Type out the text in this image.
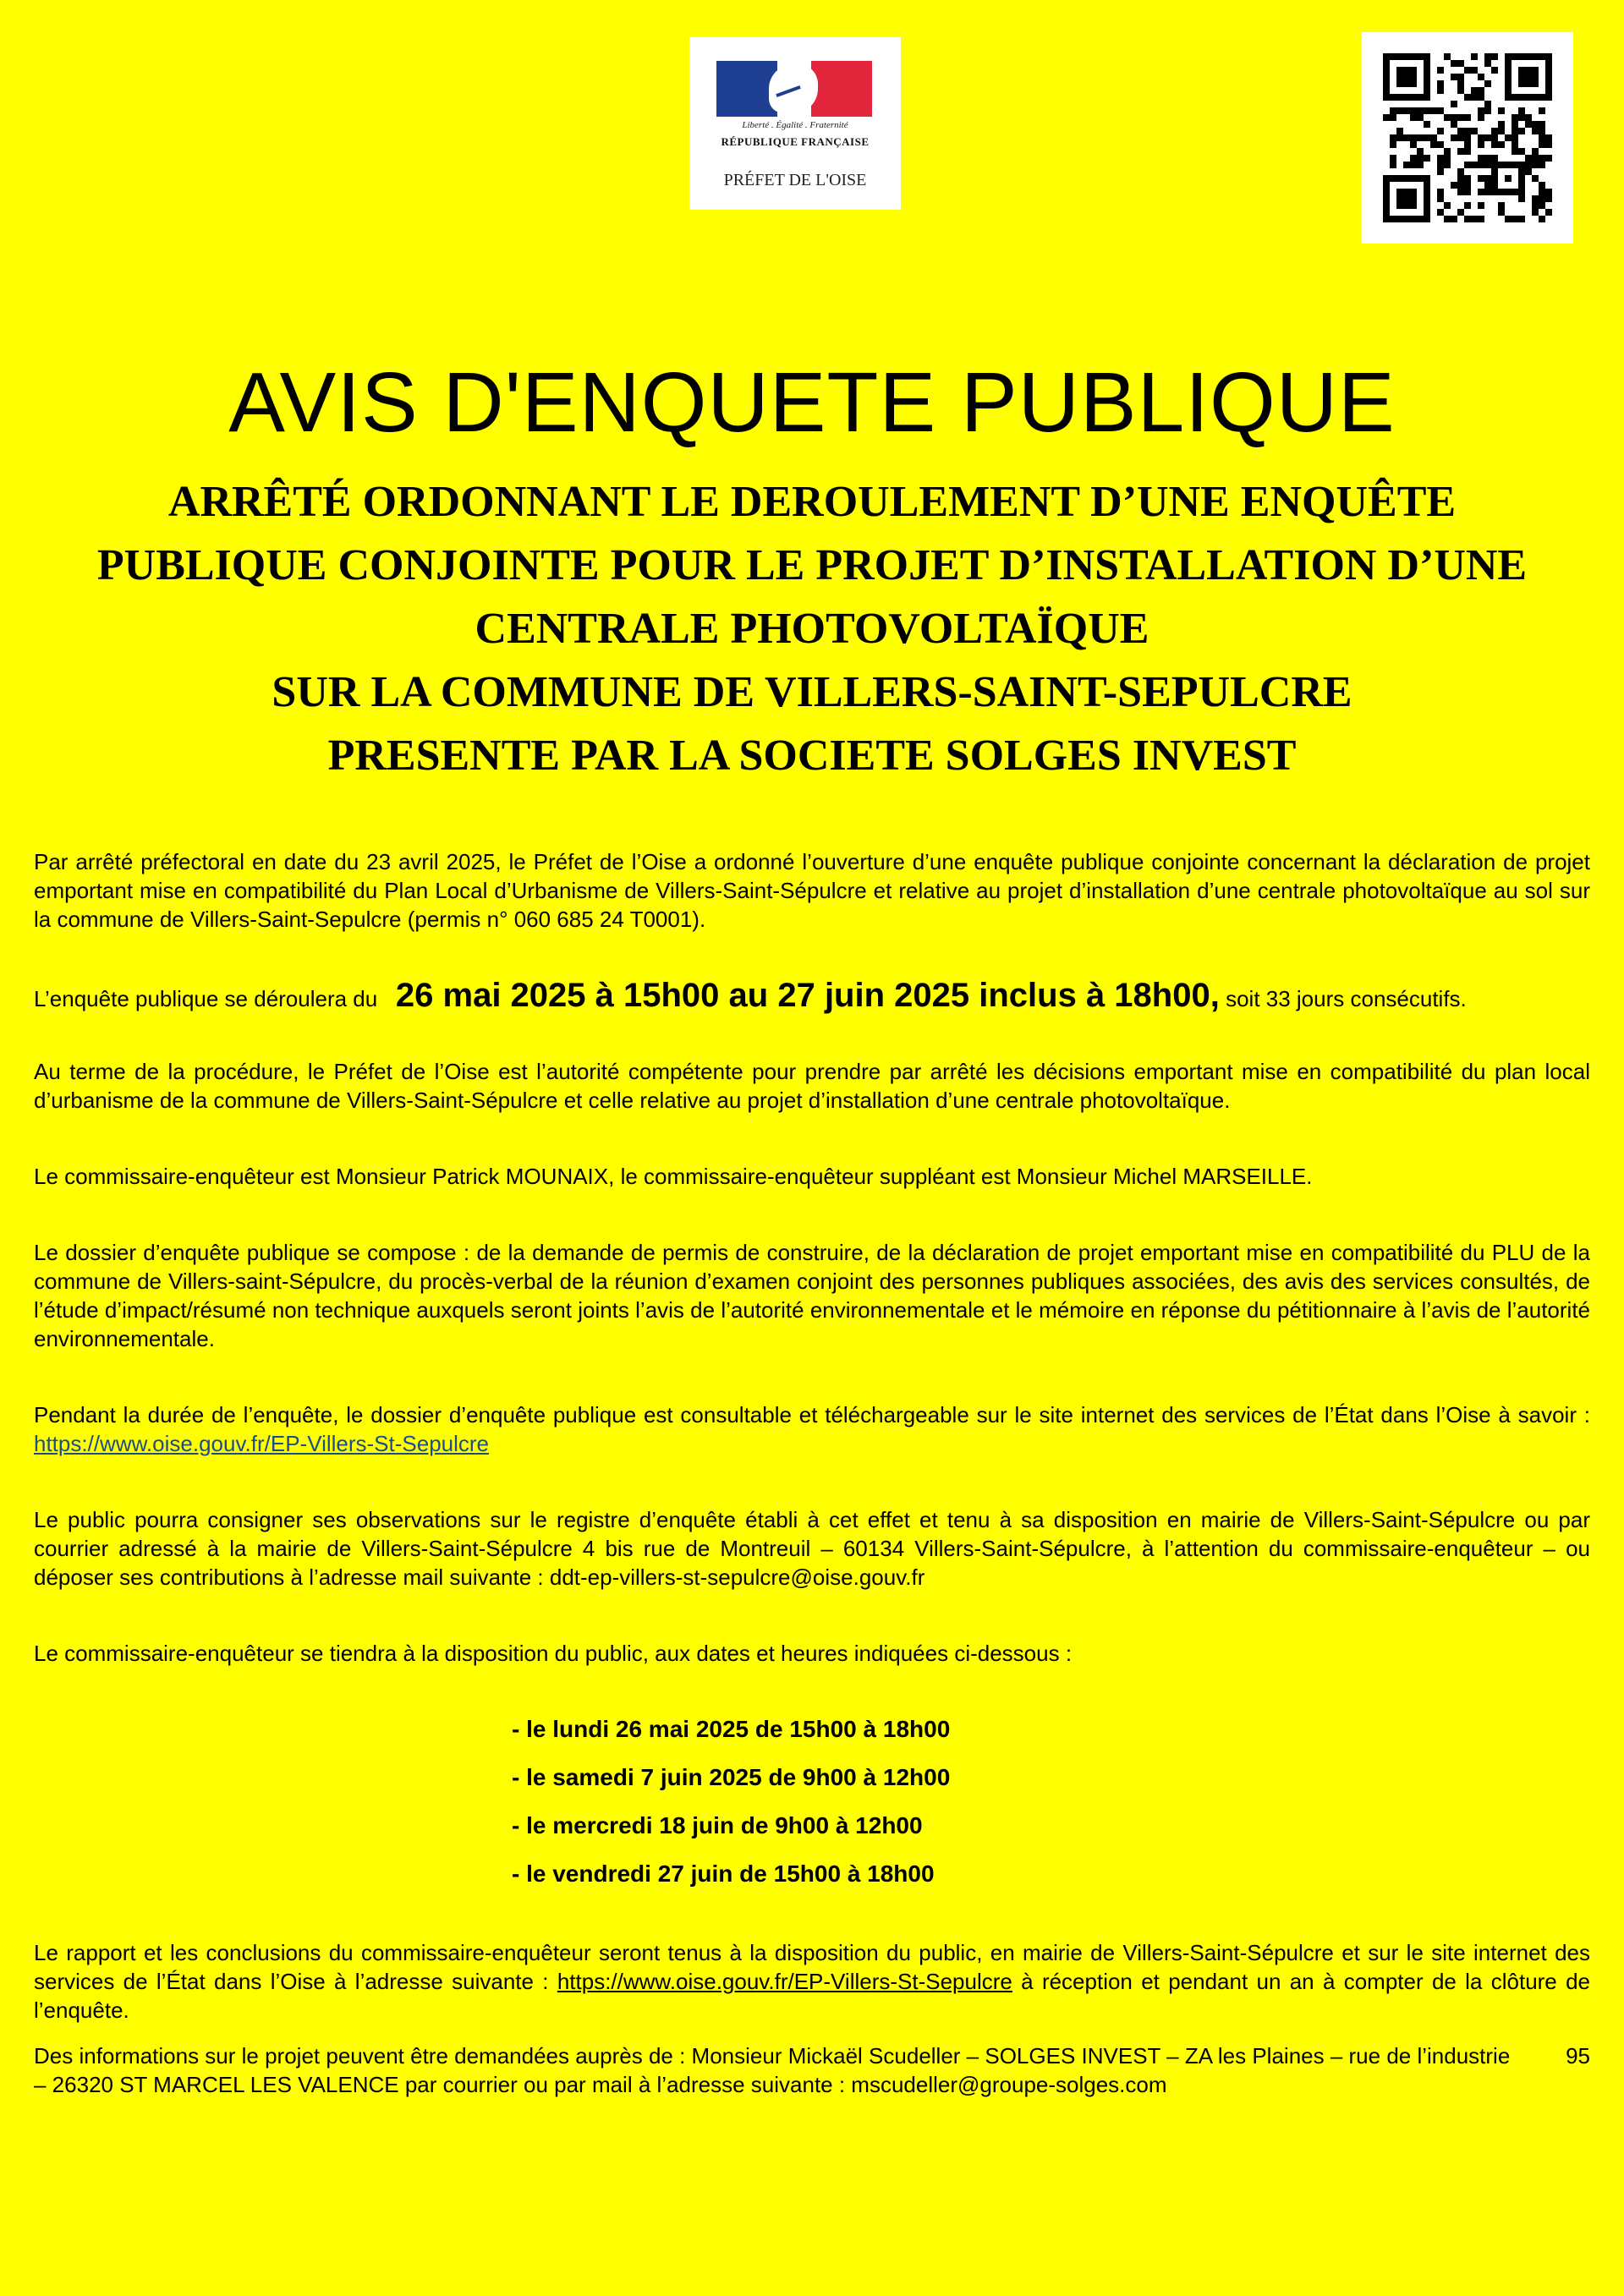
Liberté . Égalité . Fraternité
RÉPUBLIQUE FRANÇAISE
PRÉFET DE L'OISE
AVIS D'ENQUETE PUBLIQUE
ARRÊTÉ ORDONNANT LE DEROULEMENT D’UNE ENQUÊTE
PUBLIQUE CONJOINTE POUR LE PROJET D’INSTALLATION D’UNE
CENTRALE PHOTOVOLTAÏQUE
SUR LA COMMUNE DE VILLERS-SAINT-SEPULCRE
PRESENTE PAR LA SOCIETE SOLGES INVEST

Par arrêté préfectoral en date du 23 avril 2025, le Préfet de l’Oise a ordonné l’ouverture d’une enquête publique conjointe concernant la déclaration de projet emportant mise en compatibilité du Plan Local d’Urbanisme de Villers-Saint-Sépulcre et relative au projet d’installation d’une centrale photovoltaïque au sol sur la commune de Villers-Saint-Sepulcre (permis n° 060 685 24 T0001).

L’enquête publique se déroulera du 26 mai 2025 à 15h00 au 27 juin 2025 inclus à 18h00, soit 33 jours consécutifs.

Au terme de la procédure, le Préfet de l’Oise est l’autorité compétente pour prendre par arrêté les décisions emportant mise en compatibilité du plan local d’urbanisme de la commune de Villers-Saint-Sépulcre et celle relative au projet d’installation d’une centrale photovoltaïque.

Le commissaire-enquêteur est Monsieur Patrick MOUNAIX, le commissaire-enquêteur suppléant est Monsieur Michel MARSEILLE.

Le dossier d’enquête publique se compose : de la demande de permis de construire, de la déclaration de projet emportant mise en compatibilité du PLU de la commune de Villers-saint-Sépulcre, du procès-verbal de la réunion d’examen conjoint des personnes publiques associées, des avis des services consultés, de l’étude d’impact/résumé non technique auxquels seront joints l’avis de l’autorité environnementale et le mémoire en réponse du pétitionnaire à l’avis de l’autorité environnementale.

Pendant la durée de l’enquête, le dossier d’enquête publique est consultable et téléchargeable sur le site internet des services de l’État dans l’Oise à savoir : https://www.oise.gouv.fr/EP-Villers-St-Sepulcre

Le public pourra consigner ses observations sur le registre d’enquête établi à cet effet et tenu à sa disposition en mairie de Villers-Saint-Sépulcre ou par courrier adressé à la mairie de Villers-Saint-Sépulcre 4 bis rue de Montreuil – 60134 Villers-Saint-Sépulcre, à l’attention du commissaire-enquêteur – ou déposer ses contributions à l’adresse mail suivante : ddt-ep-villers-st-sepulcre@oise.gouv.fr

Le commissaire-enquêteur se tiendra à la disposition du public, aux dates et heures indiquées ci-dessous :

- le lundi 26 mai 2025 de 15h00 à 18h00
- le samedi 7 juin 2025 de 9h00 à 12h00
- le mercredi 18 juin de 9h00 à 12h00
- le vendredi 27 juin de 15h00 à 18h00

Le rapport et les conclusions du commissaire-enquêteur seront tenus à la disposition du public, en mairie de Villers-Saint-Sépulcre et sur le site internet des services de l’État dans l’Oise à l’adresse suivante : https://www.oise.gouv.fr/EP-Villers-St-Sepulcre à réception et pendant un an à compter de la clôture de l’enquête.

Des informations sur le projet peuvent être demandées auprès de : Monsieur Mickaël Scudeller – SOLGES INVEST – ZA les Plaines – rue de l’industrie – 26320 ST MARCEL LES VALENCE par courrier ou par mail à l’adresse suivante : mscudeller@groupe-solges.com

95
